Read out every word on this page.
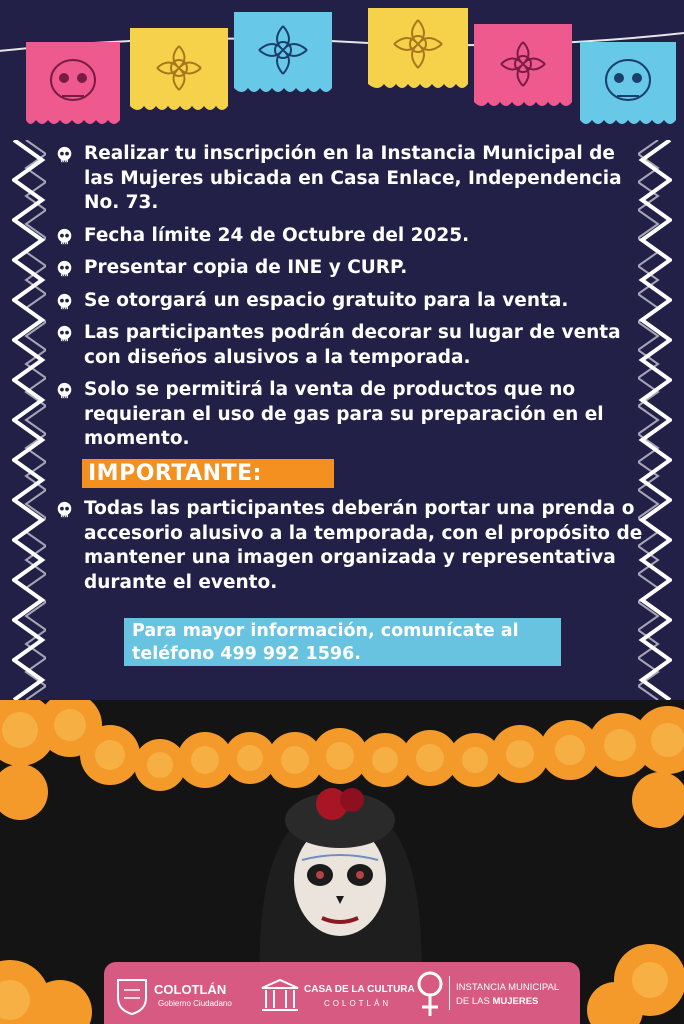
Realizar tu inscripción en la Instancia Municipal de las Mujeres ubicada en Casa Enlace, Independencia No. 73.
Fecha límite 24 de Octubre del 2025.
Presentar copia de INE y CURP.
Se otorgará un espacio gratuito para la venta.
Las participantes podrán decorar su lugar de venta con diseños alusivos a la temporada.
Solo se permitirá la venta de productos que no requieran el uso de gas para su preparación en el momento.
IMPORTANTE:
Todas las participantes deberán portar una prenda o accesorio alusivo a la temporada, con el propósito de mantener una imagen organizada y representativa durante el evento.
Para mayor información, comunícate al
teléfono 499 992 1596.
COLOTLÁN
Gobierno Ciudadano
CASA DE LA CULTURA
COLOTLÁN
INSTANCIA MUNICIPAL
DE LAS MUJERES
